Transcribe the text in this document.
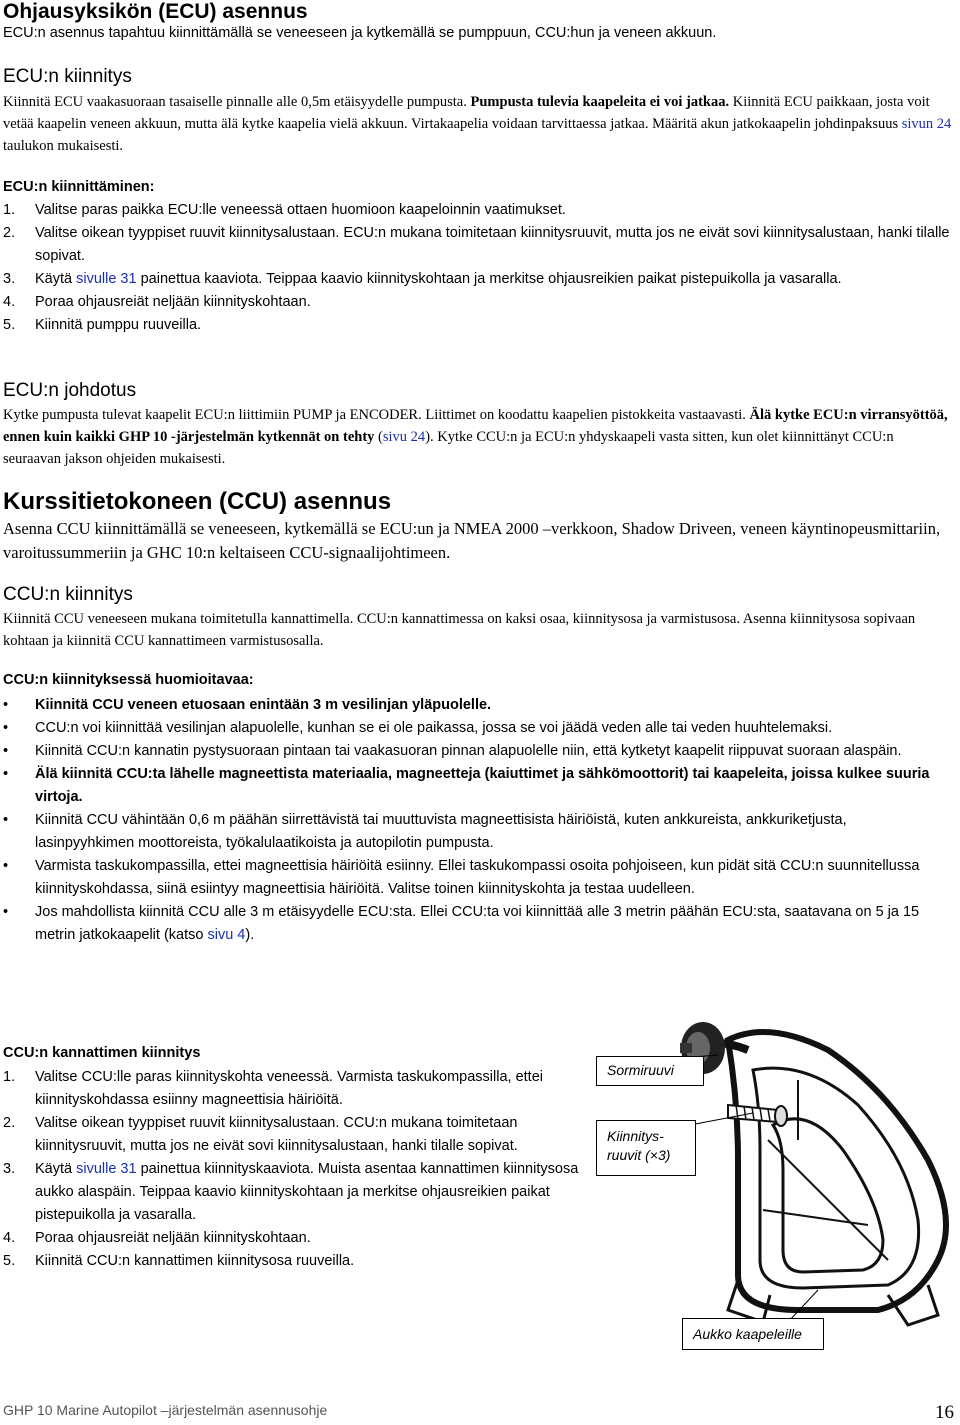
Ohjausyksikön (ECU) asennus
ECU:n asennus tapahtuu kiinnittämällä se veneeseen ja kytkemällä se pumppuun, CCU:hun ja veneen akkuun.
ECU:n kiinnitys
Kiinnitä ECU vaakasuoraan tasaiselle pinnalle alle 0,5m etäisyydelle pumpusta. Pumpusta tulevia kaapeleita ei voi jatkaa. Kiinnitä ECU paikkaan, josta voit vetää kaapelin veneen akkuun, mutta älä kytke kaapelia vielä akkuun. Virtakaapelia voidaan tarvittaessa jatkaa. Määritä akun jatkokaapelin johdinpaksuus sivun 24 taulukon mukaisesti.
ECU:n kiinnittäminen:
1. Valitse paras paikka ECU:lle veneessä ottaen huomioon kaapeloinnin vaatimukset.
2. Valitse oikean tyyppiset ruuvit kiinnitysalustaan. ECU:n mukana toimitetaan kiinnitysruuvit, mutta jos ne eivät sovi kiinnitysalustaan, hanki tilalle sopivat.
3. Käytä sivulle 31 painettua kaaviota. Teippaa kaavio kiinnityskohtaan ja merkitse ohjausreikien paikat pistepuikolla ja vasaralla.
4. Poraa ohjausreiät neljään kiinnityskohtaan.
5. Kiinnitä pumppu ruuveilla.
ECU:n johdotus
Kytke pumpusta tulevat kaapelit ECU:n liittimiin PUMP ja ENCODER. Liittimet on koodattu kaapelien pistokkeita vastaavasti. Älä kytke ECU:n virransyöttöä, ennen kuin kaikki GHP 10 -järjestelmän kytkennät on tehty (sivu 24). Kytke CCU:n ja ECU:n yhdyskaapeli vasta sitten, kun olet kiinnittänyt CCU:n seuraavan jakson ohjeiden mukaisesti.
Kurssitietokoneen (CCU) asennus
Asenna CCU kiinnittämällä se veneeseen, kytkemällä se ECU:un ja NMEA 2000 –verkkoon, Shadow Driveen, veneen käyntinopeusmittariin, varoitussummeriin ja GHC 10:n keltaiseen CCU-signaalijohtimeen.
CCU:n kiinnitys
Kiinnitä CCU veneeseen mukana toimitetulla kannattimella. CCU:n kannattimessa on kaksi osaa, kiinnitysosa ja varmistusosa. Asenna kiinnitysosa sopivaan kohtaan ja kiinnitä CCU kannattimeen varmistusosalla.
CCU:n kiinnityksessä huomioitavaa:
• Kiinnitä CCU veneen etuosaan enintään 3 m vesilinjan yläpuolelle.
• CCU:n voi kiinnittää vesilinjan alapuolelle, kunhan se ei ole paikassa, jossa se voi jäädä veden alle tai veden huuhtelemaksi.
• Kiinnitä CCU:n kannatin pystysuoraan pintaan tai vaakasuoran pinnan alapuolelle niin, että kytketyt kaapelit riippuvat suoraan alaspäin.
• Älä kiinnitä CCU:ta lähelle magneettista materiaalia, magneetteja (kaiuttimet ja sähkömoottorit) tai kaapeleita, joissa kulkee suuria virtoja.
• Kiinnitä CCU vähintään 0,6 m päähän siirrettävistä tai muuttuvista magneettisista häiriöistä, kuten ankkureista, ankkuriketjusta, lasinpyyhkimen moottoreista, työkalulaatikoista ja autopilotin pumpusta.
• Varmista taskukompassilla, ettei magneettisia häiriöitä esiinny. Ellei taskukompassi osoita pohjoiseen, kun pidät sitä CCU:n suunnitellussa kiinnityskohdassa, siinä esiintyy magneettisia häiriöitä. Valitse toinen kiinnityskohta ja testaa uudelleen.
• Jos mahdollista kiinnitä CCU alle 3 m etäisyydelle ECU:sta. Ellei CCU:ta voi kiinnittää alle 3 metrin päähän ECU:sta, saatavana on 5 ja 15 metrin jatkokaapelit (katso sivu 4).
CCU:n kannattimen kiinnitys
1. Valitse CCU:lle paras kiinnityskohta veneessä. Varmista taskukompassilla, ettei kiinnityskohdassa esiinny magneettisia häiriöitä.
2. Valitse oikean tyyppiset ruuvit kiinnitysalustaan. CCU:n mukana toimitetaan kiinnitysruuvit, mutta jos ne eivät sovi kiinnitysalustaan, hanki tilalle sopivat.
3. Käytä sivulle 31 painettua kiinnityskaaviota. Muista asentaa kannattimen kiinnitysosa aukko alaspäin. Teippaa kaavio kiinnityskohtaan ja merkitse ohjausreikien paikat pistepuikolla ja vasaralla.
4. Poraa ohjausreiät neljään kiinnityskohtaan.
5. Kiinnitä CCU:n kannattimen kiinnitysosa ruuveilla.
Sormiruuvi
Kiinnitys-
ruuvit (×3)
Aukko kaapeleille
GHP 10 Marine Autopilot –järjestelmän asennusohje	16
